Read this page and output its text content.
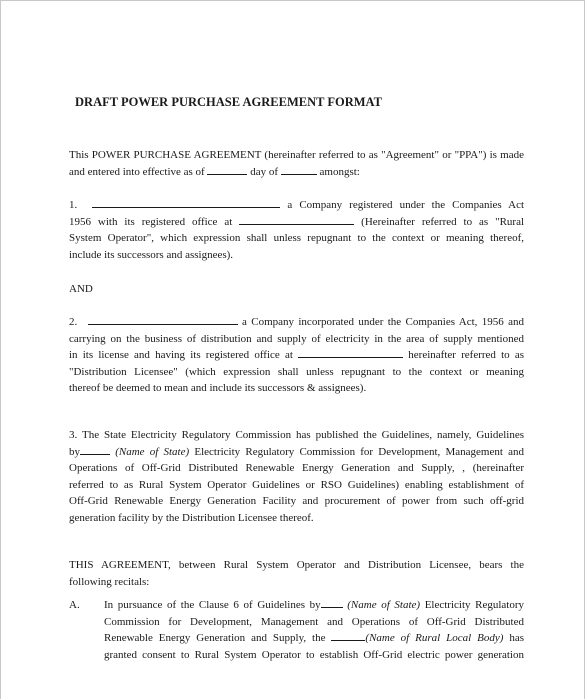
DRAFT POWER PURCHASE AGREEMENT FORMAT
This POWER PURCHASE AGREEMENT (hereinafter referred to as "Agreement" or "PPA") is made
and entered into effective as of	day of	amongst:
1.	a Company registered under the Companies Act
1956 with its registered office at	(Hereinafter referred to as "Rural
System Operator", which expression shall unless repugnant to the context or meaning thereof,
include its successors and assignees).
AND
2.	a Company incorporated under the Companies Act, 1956 and
carrying on the business of distribution and supply of electricity in the area of supply mentioned
in its license and having its registered office at	hereinafter referred to as
"Distribution Licensee" (which expression shall unless repugnant to the context or meaning
thereof be deemed to mean and include its successors & assignees).
3. The State Electricity Regulatory Commission has published the Guidelines, namely, Guidelines
by	(Name of State) Electricity Regulatory Commission for Development, Management and
Operations of Off-Grid Distributed Renewable Energy Generation and Supply, , (hereinafter
referred to as Rural System Operator Guidelines or RSO Guidelines) enabling establishment of
Off-Grid Renewable Energy Generation Facility and procurement of power from such off-grid
generation facility by the Distribution Licensee thereof.
THIS AGREEMENT, between Rural System Operator and Distribution Licensee, bears the
following recitals:
A. In pursuance of the Clause 6 of Guidelines by (Name of State) Electricity Regulatory
Commission for Development, Management and Operations of Off-Grid Distributed
Renewable Energy Generation and Supply, the	(Name of Rural Local Body) has
granted consent to Rural System Operator to establish Off-Grid electric power generation
